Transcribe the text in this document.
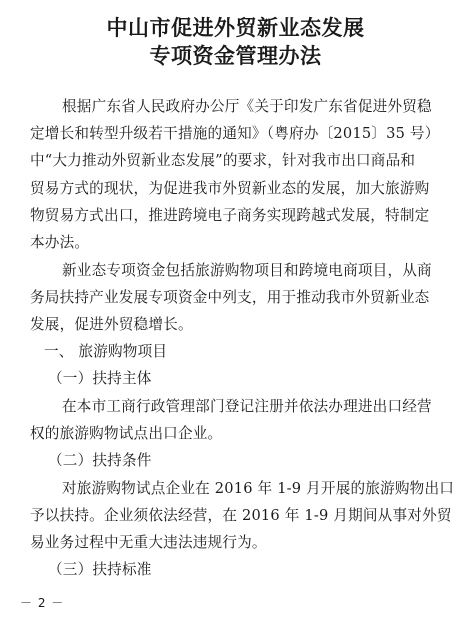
中山市促进外贸新业态发展
专项资金管理办法
根据广东省人民政府办公厅《关于印发广东省促进外贸稳
定增长和转型升级若干措施的通知》（粤府办〔2015〕35 号）
中“大力推动外贸新业态发展”的要求，针对我市出口商品和
贸易方式的现状，为促进我市外贸新业态的发展，加大旅游购
物贸易方式出口，推进跨境电子商务实现跨越式发展，特制定
本办法。
新业态专项资金包括旅游购物项目和跨境电商项目，从商
务局扶持产业发展专项资金中列支，用于推动我市外贸新业态
发展，促进外贸稳增长。
一、 旅游购物项目
（一）扶持主体
在本市工商行政管理部门登记注册并依法办理进出口经营
权的旅游购物试点出口企业。
（二）扶持条件
对旅游购物试点企业在 2016 年 1-9 月开展的旅游购物出口
予以扶持。企业须依法经营，在 2016 年 1-9 月期间从事对外贸
易业务过程中无重大违法违规行为。
（三）扶持标准
－ 2 －
